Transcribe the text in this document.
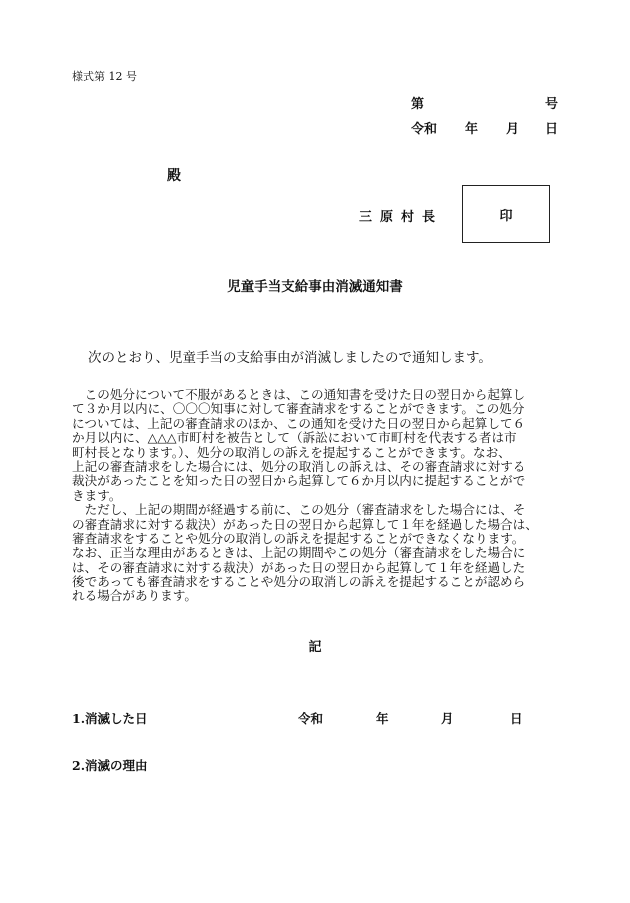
様式第 12 号
第	号
令和 年 月 日
殿
三原村長	印
児童手当支給事由消滅通知書
次のとおり、児童手当の支給事由が消滅しましたので通知します。
　この処分について不服があるときは、この通知書を受けた日の翌日から起算し
て３か月以内に、〇〇〇知事に対して審査請求をすることができます。この処分
については、上記の審査請求のほか、この通知を受けた日の翌日から起算して６
か月以内に、△△△市町村を被告として（訴訟において市町村を代表する者は市
町村長となります。）、処分の取消しの訴えを提起することができます。なお、
上記の審査請求をした場合には、処分の取消しの訴えは、その審査請求に対する
裁決があったことを知った日の翌日から起算して６か月以内に提起することがで
きます。
　ただし、上記の期間が経過する前に、この処分（審査請求をした場合には、そ
の審査請求に対する裁決）があった日の翌日から起算して１年を経過した場合は、
審査請求をすることや処分の取消しの訴えを提起することができなくなります。
なお、正当な理由があるときは、上記の期間やこの処分（審査請求をした場合に
は、その審査請求に対する裁決）があった日の翌日から起算して１年を経過した
後であっても審査請求をすることや処分の取消しの訴えを提起することが認めら
れる場合があります。
記
1.消滅した日	令和	年	月	日
2.消滅の理由
